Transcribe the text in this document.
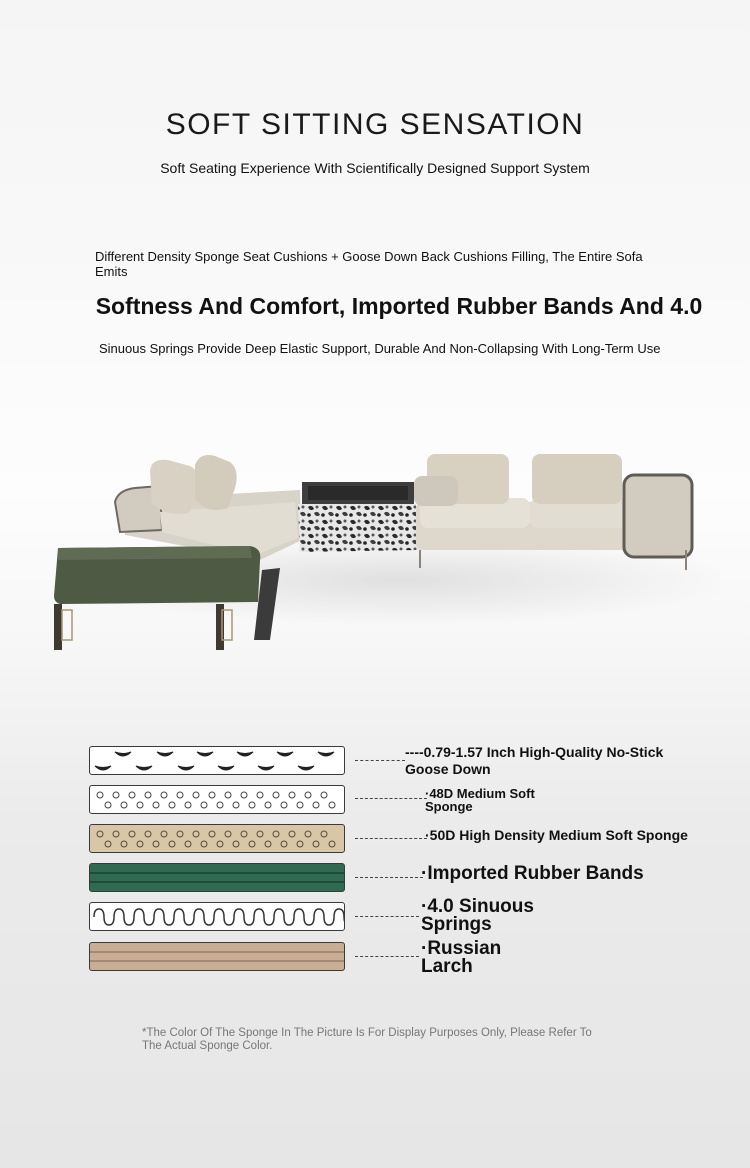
SOFT SITTING SENSATION
Soft Seating Experience With Scientifically Designed Support System
Different Density Sponge Seat Cushions + Goose Down Back Cushions Filling, The Entire Sofa Emits
Softness And Comfort, Imported Rubber Bands And 4.0
Sinuous Springs Provide Deep Elastic Support, Durable And Non-Collapsing With Long-Term Use
----0.79-1.57 Inch High-Quality No-Stick Goose Down
·48D Medium Soft Sponge
·50D High Density Medium Soft Sponge
·Imported Rubber Bands
·4.0 Sinuous Springs
·Russian Larch
*The Color Of The Sponge In The Picture Is For Display Purposes Only, Please Refer To The Actual Sponge Color.
